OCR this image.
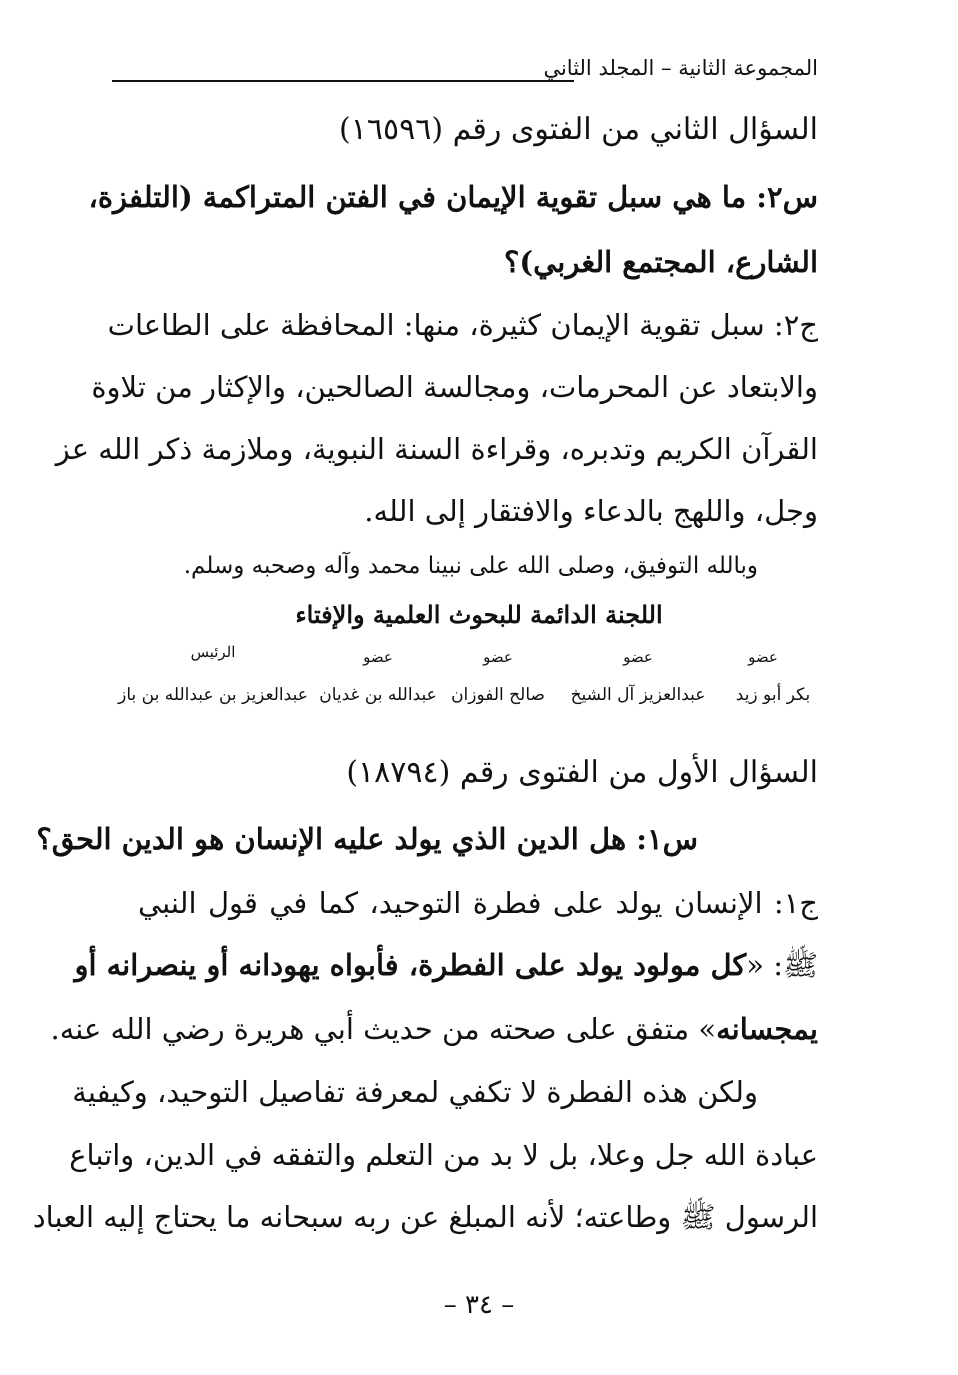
المجموعة الثانية – المجلد الثاني
السؤال الثاني من الفتوى رقم (١٦٥٩٦)
س٢: ما هي سبل تقوية الإيمان في الفتن المتراكمة (التلفزة،
الشارع، المجتمع الغربي)؟
ج٢: سبل تقوية الإيمان كثيرة، منها: المحافظة على الطاعات
والابتعاد عن المحرمات، ومجالسة الصالحين، والإكثار من تلاوة
القرآن الكريم وتدبره، وقراءة السنة النبوية، وملازمة ذكر الله عز
وجل، واللهج بالدعاء والافتقار إلى الله.
وبالله التوفيق، وصلى الله على نبينا محمد وآله وصحبه وسلم.
اللجنة الدائمة للبحوث العلمية والإفتاء
عضو
بكر أبو زيد
عضو
عبدالعزيز آل الشيخ
عضو
صالح الفوزان
عضو
عبدالله بن غديان
الرئيس
عبدالعزيز بن عبدالله بن باز
السؤال الأول من الفتوى رقم (١٨٧٩٤)
س١: هل الدين الذي يولد عليه الإنسان هو الدين الحق؟
ج١: الإنسان يولد على فطرة التوحيد، كما في قول النبي
ﷺ: «كل مولود يولد على الفطرة، فأبواه يهودانه أو ينصرانه أو
يمجسانه» متفق على صحته من حديث أبي هريرة رضي الله عنه.
ولكن هذه الفطرة لا تكفي لمعرفة تفاصيل التوحيد، وكيفية
عبادة الله جل وعلا، بل لا بد من التعلم والتفقه في الدين، واتباع
الرسول ﷺ وطاعته؛ لأنه المبلغ عن ربه سبحانه ما يحتاج إليه العباد
– ٣٤ –
